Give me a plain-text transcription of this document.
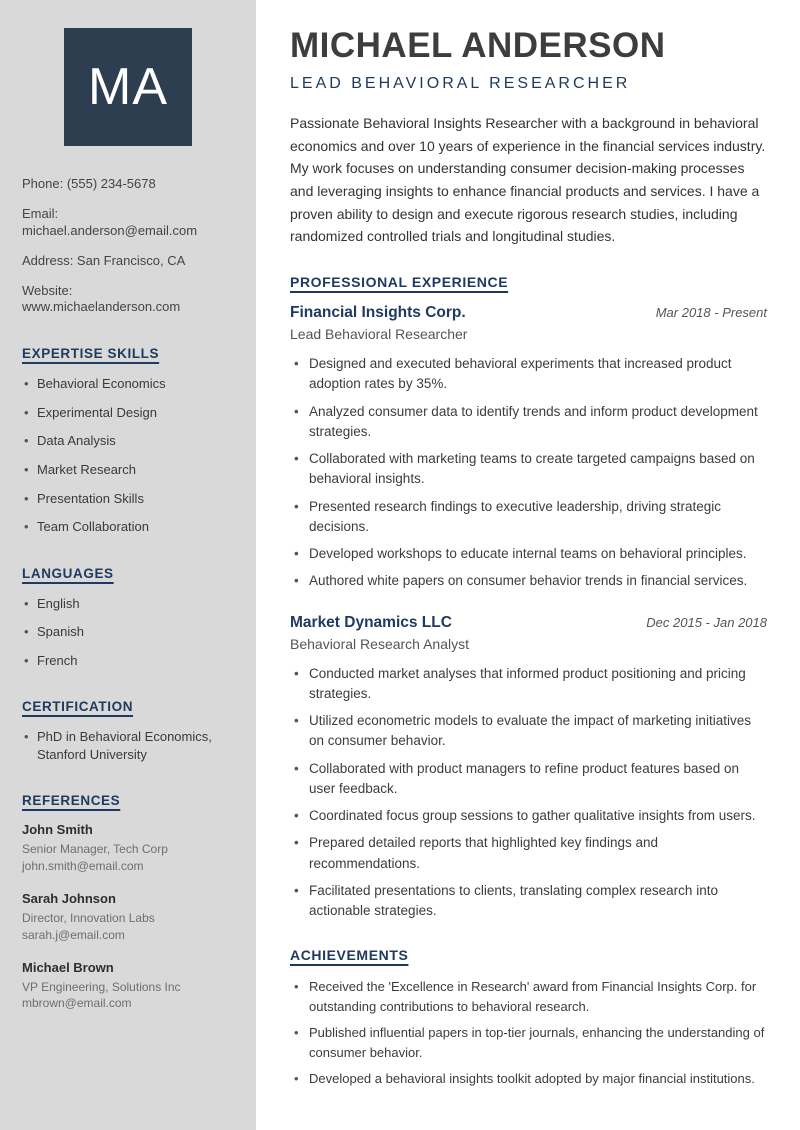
MA
Phone: (555) 234-5678
Email: michael.anderson@email.com
Address: San Francisco, CA
Website: www.michaelanderson.com
EXPERTISE SKILLS
• Behavioral Economics
• Experimental Design
• Data Analysis
• Market Research
• Presentation Skills
• Team Collaboration
LANGUAGES
• English
• Spanish
• French
CERTIFICATION
• PhD in Behavioral Economics, Stanford University
REFERENCES
John Smith
Senior Manager, Tech Corp
john.smith@email.com
Sarah Johnson
Director, Innovation Labs
sarah.j@email.com
Michael Brown
VP Engineering, Solutions Inc
mbrown@email.com
MICHAEL ANDERSON
LEAD BEHAVIORAL RESEARCHER

Passionate Behavioral Insights Researcher with a background in behavioral economics and over 10 years of experience in the financial services industry. My work focuses on understanding consumer decision-making processes and leveraging insights to enhance financial products and services. I have a proven ability to design and execute rigorous research studies, including randomized controlled trials and longitudinal studies.

PROFESSIONAL EXPERIENCE
Financial Insights Corp.	Mar 2018 - Present
Lead Behavioral Researcher
• Designed and executed behavioral experiments that increased product adoption rates by 35%.
• Analyzed consumer data to identify trends and inform product development strategies.
• Collaborated with marketing teams to create targeted campaigns based on behavioral insights.
• Presented research findings to executive leadership, driving strategic decisions.
• Developed workshops to educate internal teams on behavioral principles.
• Authored white papers on consumer behavior trends in financial services.
Market Dynamics LLC	Dec 2015 - Jan 2018
Behavioral Research Analyst
• Conducted market analyses that informed product positioning and pricing strategies.
• Utilized econometric models to evaluate the impact of marketing initiatives on consumer behavior.
• Collaborated with product managers to refine product features based on user feedback.
• Coordinated focus group sessions to gather qualitative insights from users.
• Prepared detailed reports that highlighted key findings and recommendations.
• Facilitated presentations to clients, translating complex research into actionable strategies.
ACHIEVEMENTS
• Received the 'Excellence in Research' award from Financial Insights Corp. for outstanding contributions to behavioral research.
• Published influential papers in top-tier journals, enhancing the understanding of consumer behavior.
• Developed a behavioral insights toolkit adopted by major financial institutions.
